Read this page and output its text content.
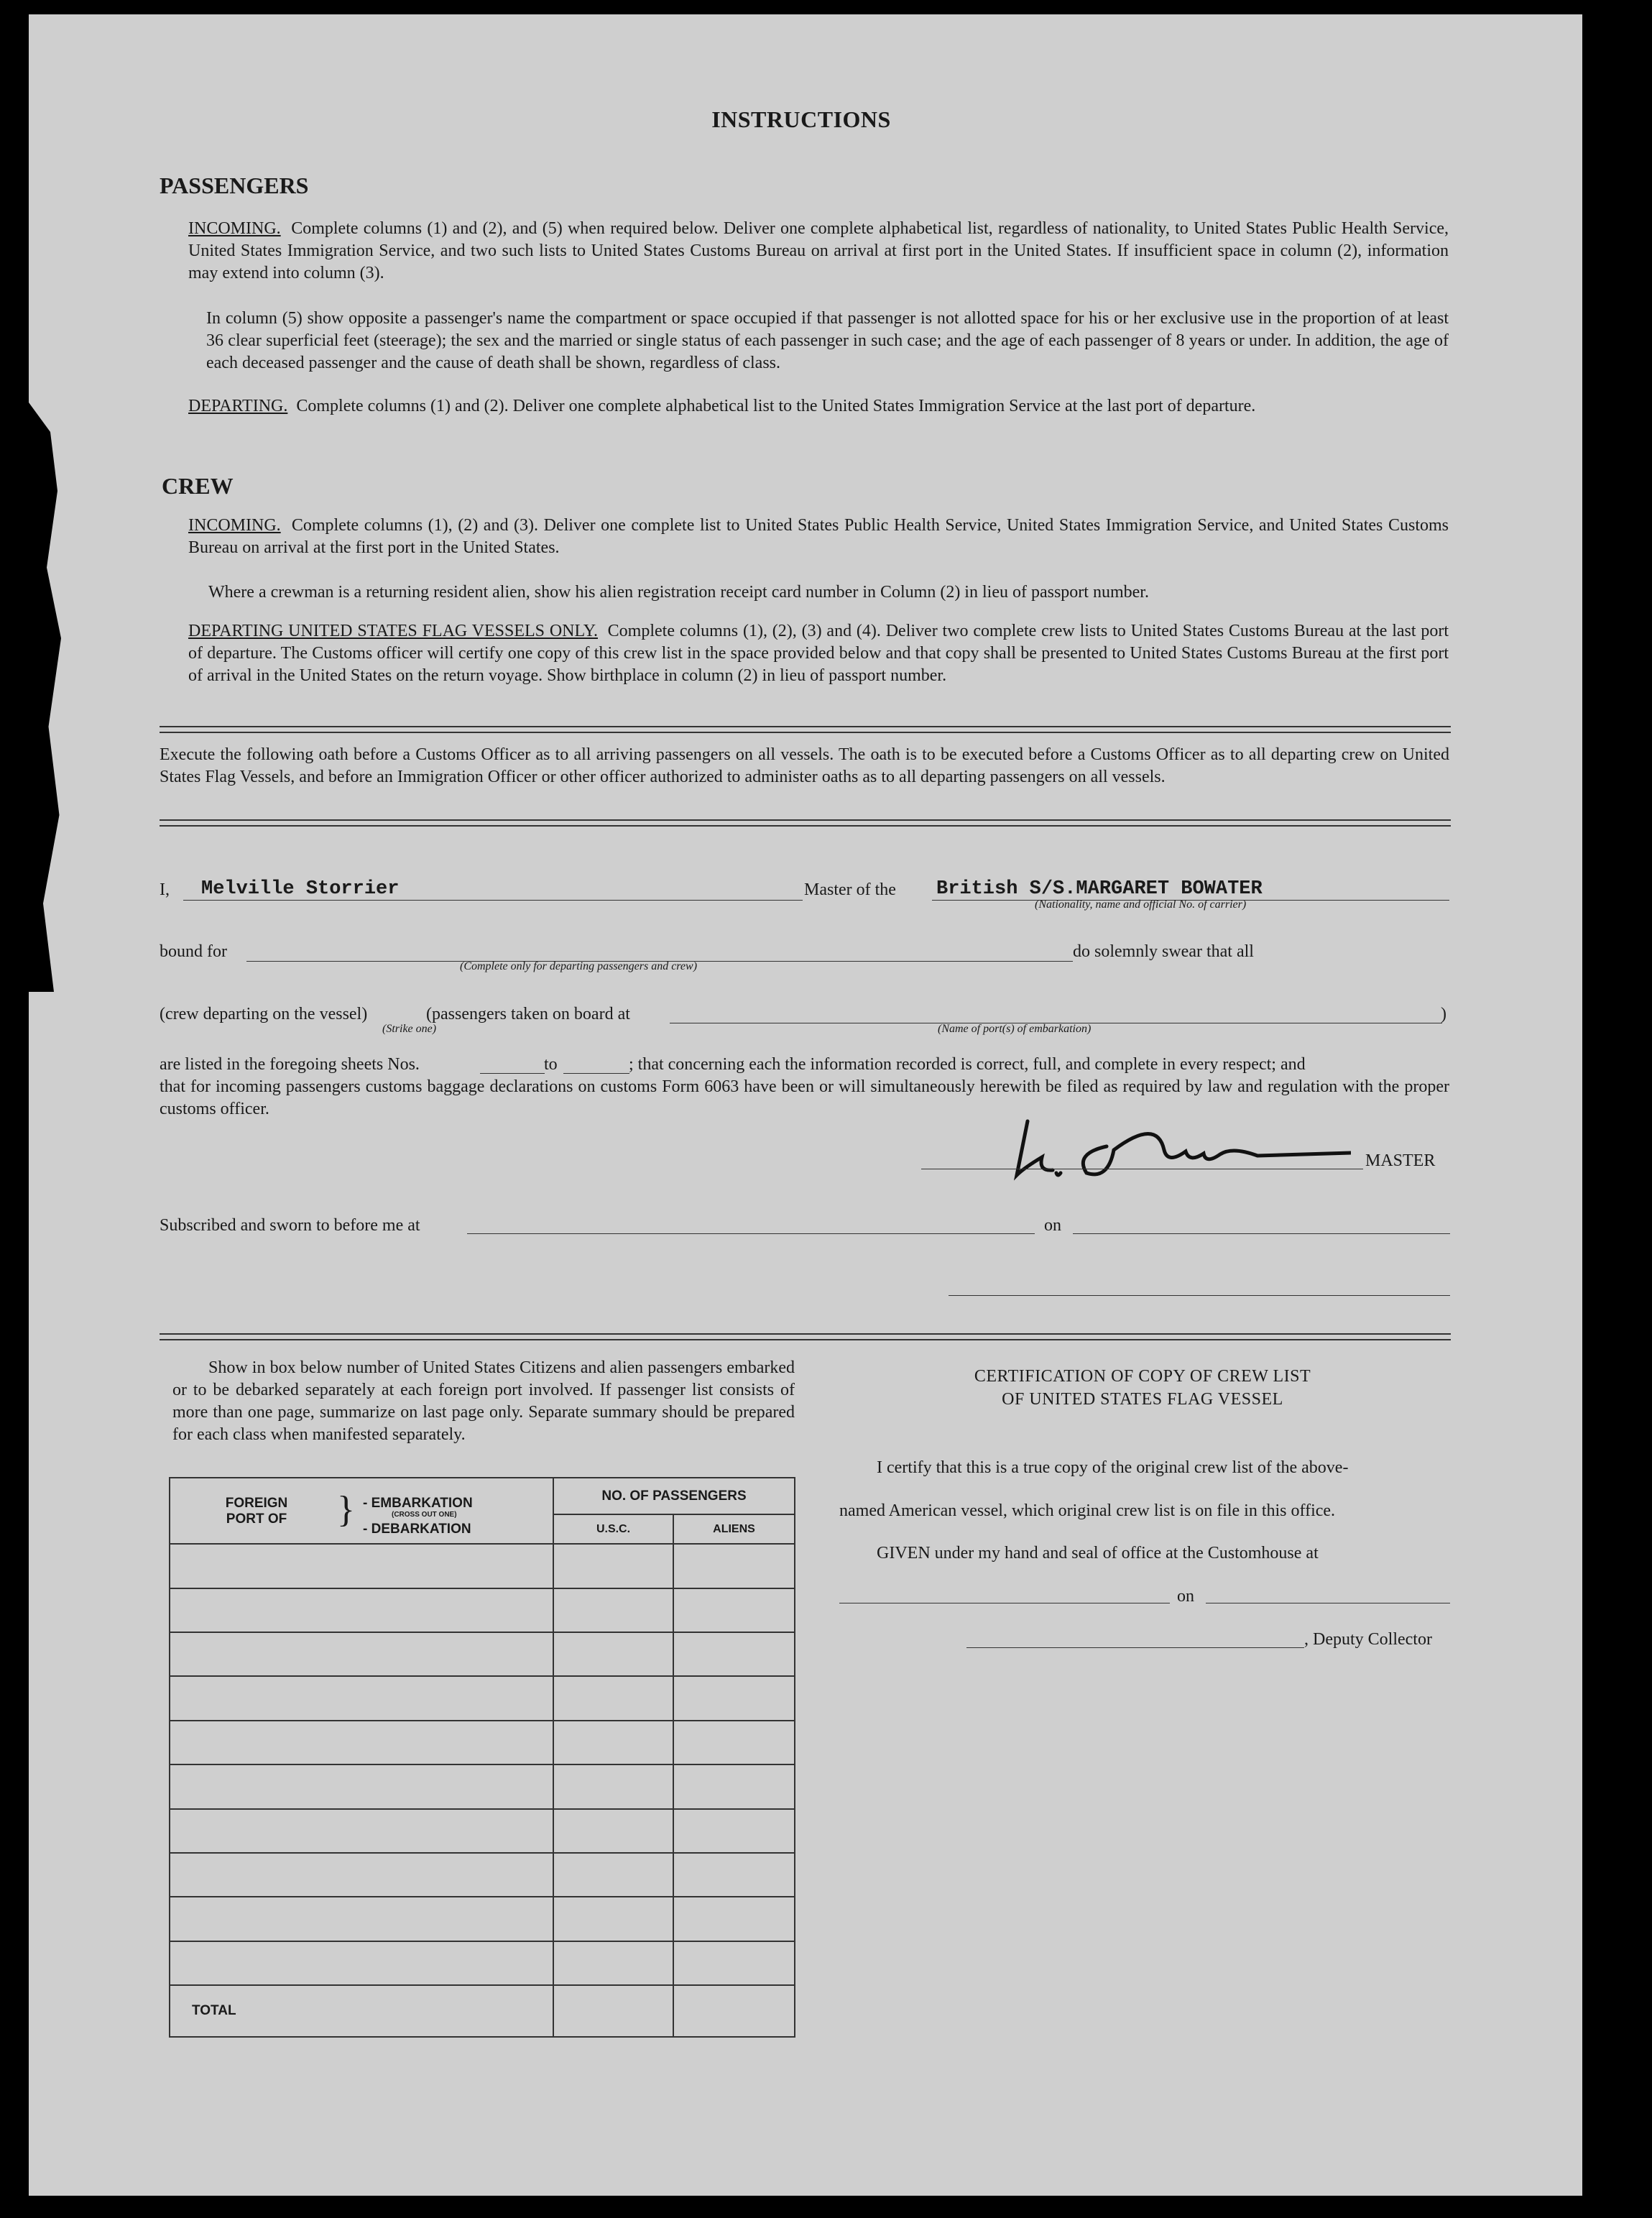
INSTRUCTIONS
PASSENGERS
INCOMING. Complete columns (1) and (2), and (5) when required below. Deliver one complete alphabetical list, regardless of nationality, to United States Public Health Service, United States Immigration Service, and two such lists to United States Customs Bureau on arrival at first port in the United States. If insufficient space in column (2), information may extend into column (3).
In column (5) show opposite a passenger's name the compartment or space occupied if that passenger is not allotted space for his or her exclusive use in the proportion of at least 36 clear superficial feet (steerage); the sex and the married or single status of each passenger in such case; and the age of each passenger of 8 years or under. In addition, the age of each deceased passenger and the cause of death shall be shown, regardless of class.
DEPARTING. Complete columns (1) and (2). Deliver one complete alphabetical list to the United States Immigration Service at the last port of departure.
CREW
INCOMING. Complete columns (1), (2) and (3). Deliver one complete list to United States Public Health Service, United States Immigration Service, and United States Customs Bureau on arrival at the first port in the United States.
Where a crewman is a returning resident alien, show his alien registration receipt card number in Column (2) in lieu of passport number.
DEPARTING UNITED STATES FLAG VESSELS ONLY. Complete columns (1), (2), (3) and (4). Deliver two complete crew lists to United States Customs Bureau at the last port of departure. The Customs officer will certify one copy of this crew list in the space provided below and that copy shall be presented to United States Customs Bureau at the first port of arrival in the United States on the return voyage. Show birthplace in column (2) in lieu of passport number.
Execute the following oath before a Customs Officer as to all arriving passengers on all vessels. The oath is to be executed before a Customs Officer as to all departing crew on United States Flag Vessels, and before an Immigration Officer or other officer authorized to administer oaths as to all departing passengers on all vessels.
I, Melville Storrier	Master of the British S/S.MARGARET BOWATER
(Nationality, name and official No. of carrier)
bound for
(Complete only for departing passengers and crew)
do solemnly swear that all
(crew departing on the vessel)	(passengers taken on board at	)
(Strike one)	(Name of port(s) of embarkation)
are listed in the foregoing sheets Nos.	to	; that concerning each the information recorded is correct, full, and complete in every respect; and
that for incoming passengers customs baggage declarations on customs Form 6063 have been or will simultaneously herewith be filed as required by law and regulation with the proper customs officer.
MASTER
Subscribed and sworn to before me at	on
Show in box below number of United States Citizens and alien passengers embarked or to be debarked separately at each foreign port involved. If passenger list consists of more than one page, summarize on last page only. Separate summary should be prepared for each class when manifested separately.
FOREIGN PORT OF } - EMBARKATION
(CROSS OUT ONE)
- DEBARKATION	NO. OF PASSENGERS	
	U.S.C.	ALIENS

TOTAL		
CERTIFICATION OF COPY OF CREW LIST
OF UNITED STATES FLAG VESSEL
I certify that this is a true copy of the original crew list of the above-
named American vessel, which original crew list is on file in this office.
GIVEN under my hand and seal of office at the Customhouse at
on
, Deputy Collector
